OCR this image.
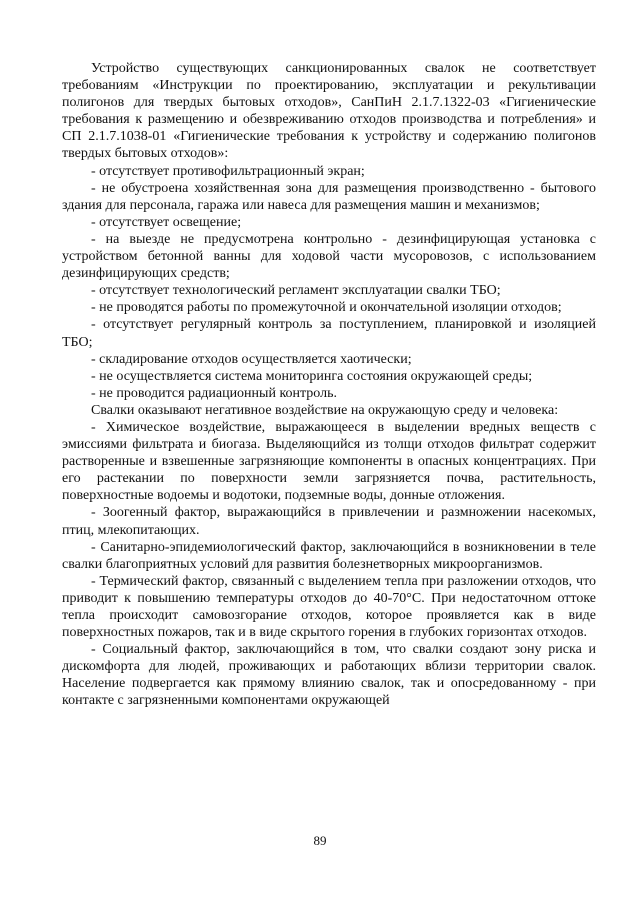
Устройство существующих санкционированных свалок не соответствует требованиям «Инструкции по проектированию, эксплуатации и рекультивации полигонов для твердых бытовых отходов», СанПиН 2.1.7.1322-03 «Гигиенические требования к размещению и обезвреживанию отходов производства и потребления» и СП 2.1.7.1038-01 «Гигиенические требования к устройству и содержанию полигонов твердых бытовых отходов»:

- отсутствует противофильтрационный экран;

- не обустроена хозяйственная зона для размещения производственно - бытового здания для персонала, гаража или навеса для размещения машин и механизмов;

- отсутствует освещение;

- на выезде не предусмотрена контрольно - дезинфицирующая установка с устройством бетонной ванны для ходовой части мусоровозов, с использованием дезинфицирующих средств;

- отсутствует технологический регламент эксплуатации свалки ТБО;

- не проводятся работы по промежуточной и окончательной изоляции отходов;

- отсутствует регулярный контроль за поступлением, планировкой и изоляцией ТБО;

- складирование отходов осуществляется хаотически;

- не осуществляется система мониторинга состояния окружающей среды;

- не проводится радиационный контроль.

Свалки оказывают негативное воздействие на окружающую среду и человека:

- Химическое воздействие, выражающееся в выделении вредных веществ с эмиссиями фильтрата и биогаза. Выделяющийся из толщи отходов фильтрат содержит растворенные и взвешенные загрязняющие компоненты в опасных концентрациях. При его растекании по поверхности земли загрязняется почва, растительность, поверхностные водоемы и водотоки, подземные воды, донные отложения.

- Зоогенный фактор, выражающийся в привлечении и размножении насекомых, птиц, млекопитающих.

- Санитарно-эпидемиологический фактор, заключающийся в возникновении в теле свалки благоприятных условий для развития болезнетворных микроорганизмов.

- Термический фактор, связанный с выделением тепла при разложении отходов, что приводит к повышению температуры отходов до 40-70°С. При недостаточном оттоке тепла происходит самовозгорание отходов, которое проявляется как в виде поверхностных пожаров, так и в виде скрытого горения в глубоких горизонтах отходов.

- Социальный фактор, заключающийся в том, что свалки создают зону риска и дискомфорта для людей, проживающих и работающих вблизи территории свалок. Население подвергается как прямому влиянию свалок, так и опосредованному - при контакте с загрязненными компонентами окружающей

89
